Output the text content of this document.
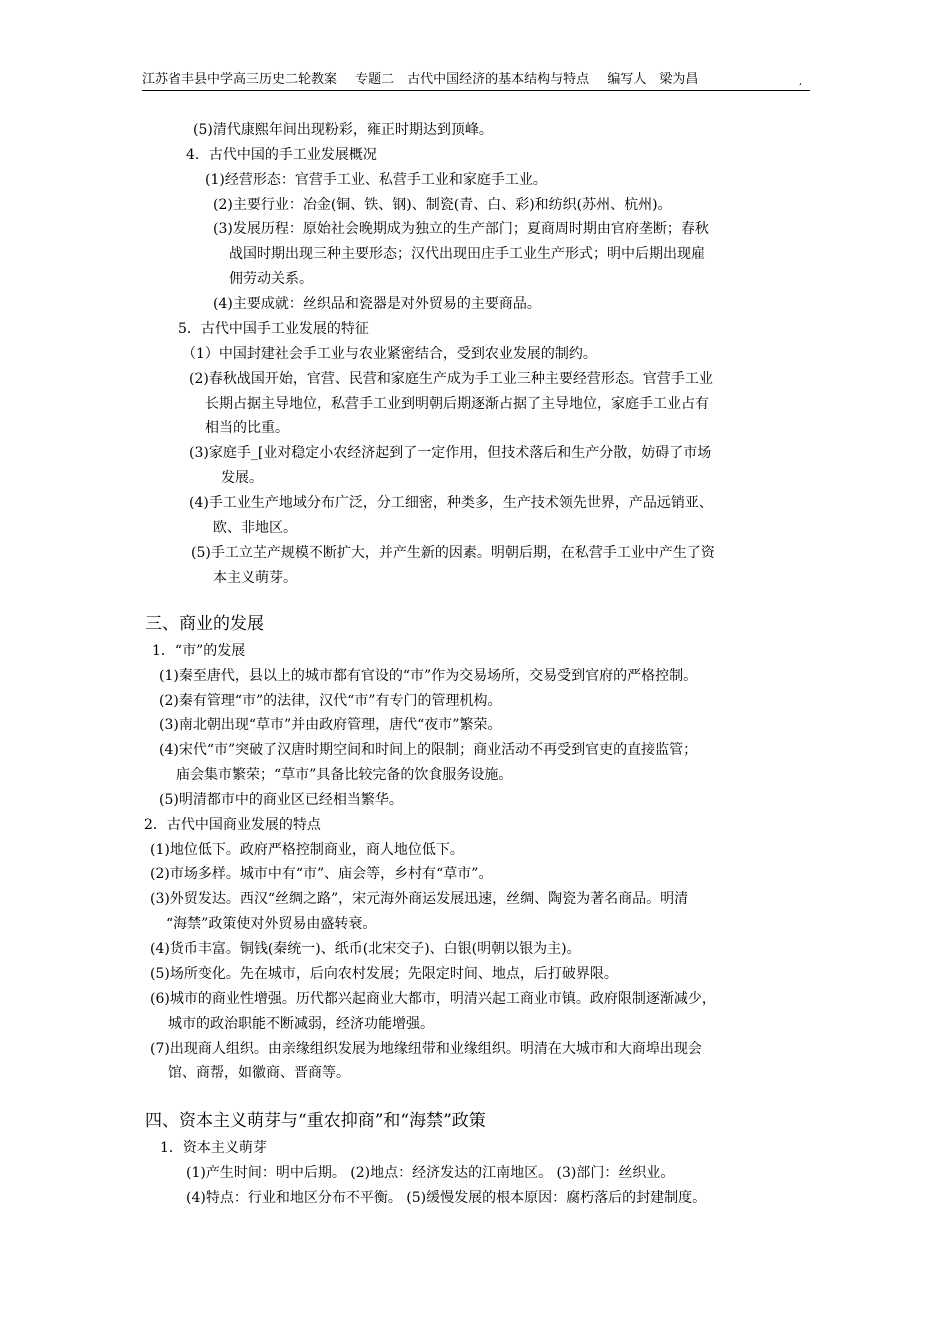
江苏省丰县中学高三历史二轮教案 专题二　古代中国经济的基本结构与特点 编写人　梁为昌	,
(5)清代康熙年间出现粉彩，雍正时期达到顶峰。
4．古代中国的手工业发展概况
(1)经营形态：官营手工业、私营手工业和家庭手工业。
(2)主要行业：冶金(铜、铁、钢)、制瓷(青、白、彩)和纺织(苏州、杭州)。
(3)发展历程：原始社会晚期成为独立的生产部门；夏商周时期由官府垄断；春秋
战国时期出现三种主要形态；汉代出现田庄手工业生产形式；明中后期出现雇
佣劳动关系。
(4)主要成就：丝织品和瓷器是对外贸易的主要商品。
5．古代中国手工业发展的特征
（1）中国封建社会手工业与农业紧密结合，受到农业发展的制约。
(2)春秋战国开始，官营、民营和家庭生产成为手工业三种主要经营形态。官营手工业
长期占据主导地位，私营手工业到明朝后期逐渐占据了主导地位，家庭手工业占有
相当的比重。
(3)家庭手_[业对稳定小农经济起到了一定作用，但技术落后和生产分散，妨碍了市场
发展。
(4)手工业生产地域分布广泛，分工细密，种类多，生产技术领先世界，产品远销亚、
欧、非地区。
(5)手工立芏产规模不断扩大，并产生新的因素。明朝后期，在私营手工业中产生了资
本主义萌芽。
三、商业的发展
1．“市”的发展
(1)秦至唐代，县以上的城市都有官设的“市”作为交易场所，交易受到官府的严格控制。
(2)秦有管理“市”的法律，汉代“市”有专门的管理机构。
(3)南北朝出现“草市”并由政府管理，唐代“夜市”繁荣。
(4)宋代“市”突破了汉唐时期空间和时间上的限制；商业活动不再受到官吏的直接监管；
庙会集市繁荣；“草市”具备比较完备的饮食服务设施。
(5)明清都市中的商业区已经相当繁华。
2．古代中国商业发展的特点
(1)地位低下。政府严格控制商业，商人地位低下。
(2)市场多样。城市中有“市”、庙会等，乡村有“草市”。
(3)外贸发达。西汉“丝绸之路”，宋元海外商运发展迅速，丝绸、陶瓷为著名商品。明清
“海禁”政策使对外贸易由盛转衰。
(4)货币丰富。铜钱(秦统一)、纸币(北宋交子)、白银(明朝以银为主)。
(5)场所变化。先在城市，后向农村发展；先限定时间、地点，后打破界限。
(6)城市的商业性增强。历代都兴起商业大都市，明清兴起工商业市镇。政府限制逐渐减少，
城市的政治职能不断减弱，经济功能增强。
(7)出现商人组织。由亲缘组织发展为地缘纽带和业缘组织。明清在大城市和大商埠出现会
馆、商帮，如徽商、晋商等。
四、资本主义萌芽与“重农抑商”和“海禁”政策
1．资本主义萌芽
(1)产生时间：明中后期。 (2)地点：经济发达的江南地区。 (3)部门：丝织业。
(4)特点：行业和地区分布不平衡。 (5)缓慢发展的根本原因：腐朽落后的封建制度。
